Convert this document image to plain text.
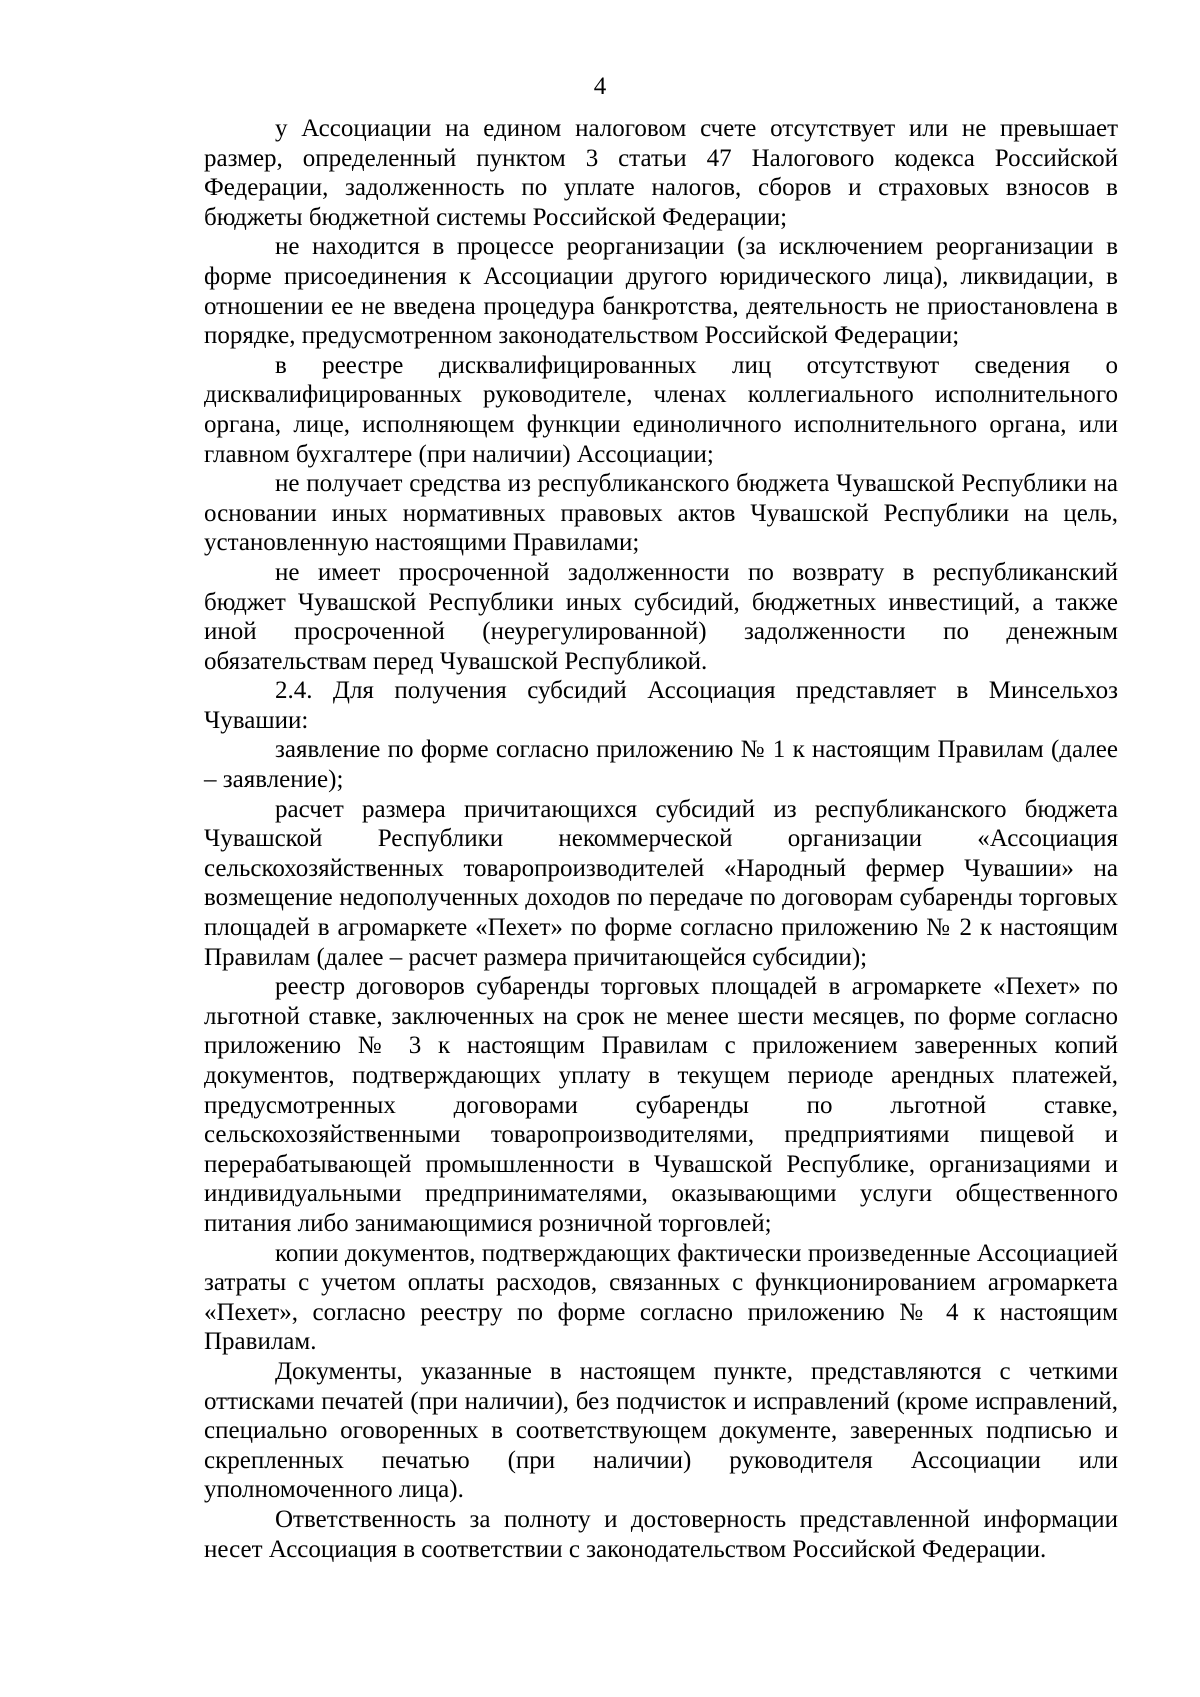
4

у Ассоциации на едином налоговом счете отсутствует или не превышает размер, определенный пунктом 3 статьи 47 Налогового кодекса Российской Федерации, задолженность по уплате налогов, сборов и страховых взносов в бюджеты бюджетной системы Российской Федерации;

не находится в процессе реорганизации (за исключением реорганизации в форме присоединения к Ассоциации другого юридического лица), ликвидации, в отношении ее не введена процедура банкротства, деятельность не приостановлена в порядке, предусмотренном законодательством Российской Федерации;

в реестре дисквалифицированных лиц отсутствуют сведения о дисквалифицированных руководителе, членах коллегиального исполнительного органа, лице, исполняющем функции единоличного исполнительного органа, или главном бухгалтере (при наличии) Ассоциации;

не получает средства из республиканского бюджета Чувашской Республики на основании иных нормативных правовых актов Чувашской Республики на цель, установленную настоящими Правилами;

не имеет просроченной задолженности по возврату в республиканский бюджет Чувашской Республики иных субсидий, бюджетных инвестиций, а также иной просроченной (неурегулированной) задолженности по денежным обязательствам перед Чувашской Республикой.

2.4. Для получения субсидий Ассоциация представляет в Минсельхоз Чувашии:

заявление по форме согласно приложению № 1 к настоящим Правилам (далее – заявление);

расчет размера причитающихся субсидий из республиканского бюджета Чувашской Республики некоммерческой организации «Ассоциация сельскохозяйственных товаропроизводителей «Народный фермер Чувашии» на возмещение недополученных доходов по передаче по договорам субаренды торговых площадей в агромаркете «Пехет» по форме согласно приложению № 2 к настоящим Правилам (далее – расчет размера причитающейся субсидии);

реестр договоров субаренды торговых площадей в агромаркете «Пехет» по льготной ставке, заключенных на срок не менее шести месяцев, по форме согласно приложению № 3 к настоящим Правилам с приложением заверенных копий документов, подтверждающих уплату в текущем периоде арендных платежей, предусмотренных договорами субаренды по льготной ставке, сельскохозяйственными товаропроизводителями, предприятиями пищевой и перерабатывающей промышленности в Чувашской Республике, организациями и индивидуальными предпринимателями, оказывающими услуги общественного питания либо занимающимися розничной торговлей;

копии документов, подтверждающих фактически произведенные Ассоциацией затраты с учетом оплаты расходов, связанных с функционированием агромаркета «Пехет», согласно реестру по форме согласно приложению № 4 к настоящим Правилам.

Документы, указанные в настоящем пункте, представляются с четкими оттисками печатей (при наличии), без подчисток и исправлений (кроме исправлений, специально оговоренных в соответствующем документе, заверенных подписью и скрепленных печатью (при наличии) руководителя Ассоциации или уполномоченного лица).

Ответственность за полноту и достоверность представленной информации несет Ассоциация в соответствии с законодательством Российской Федерации.
